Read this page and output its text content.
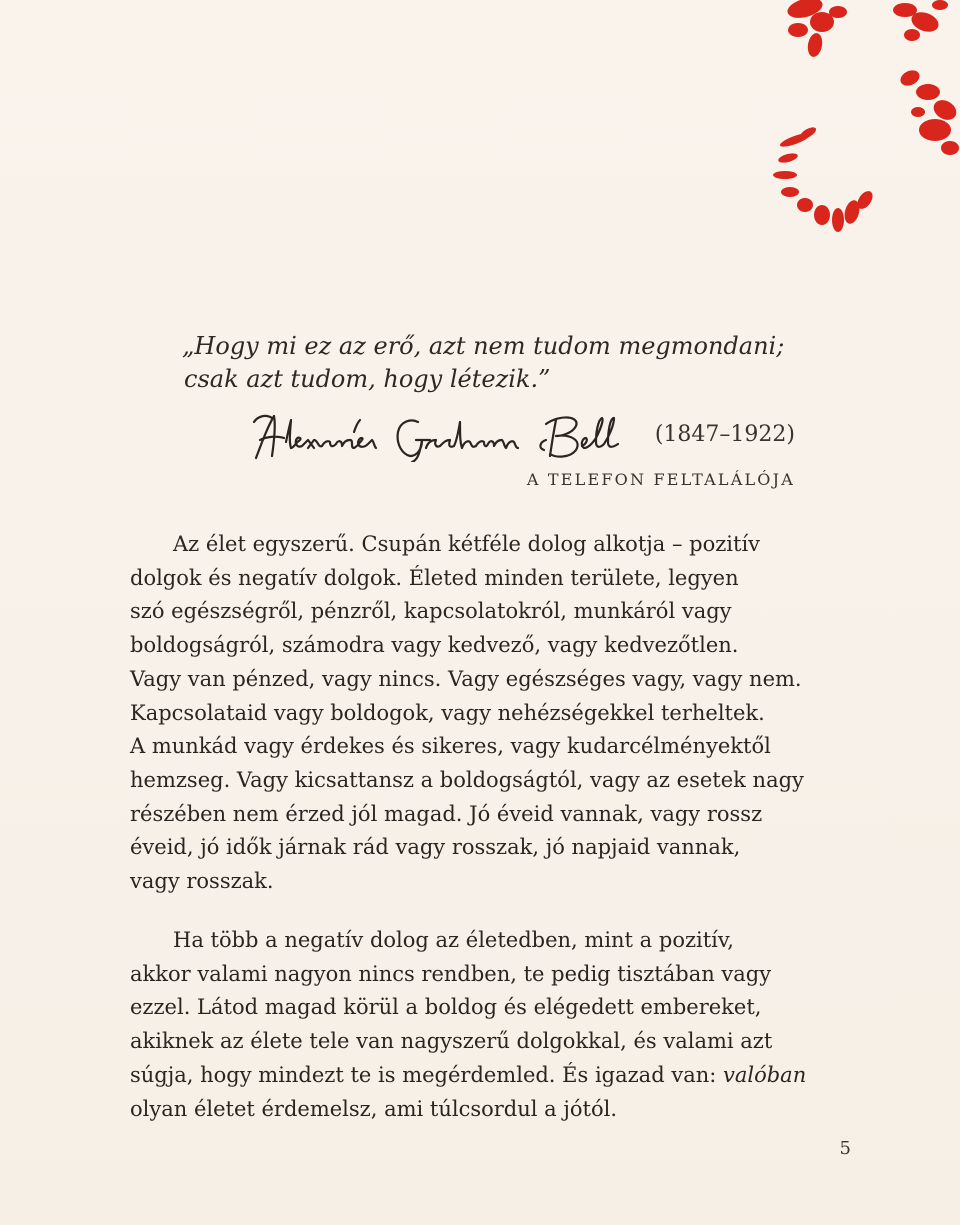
„Hogy mi ez az erő, azt nem tudom megmondani;
csak azt tudom, hogy létezik.”
(1847–1922)
A TELEFON FELTALÁLÓJA
Az élet egyszerű. Csupán kétféle dolog alkotja – pozitív
dolgok és negatív dolgok. Életed minden területe, legyen
szó egészségről, pénzről, kapcsolatokról, munkáról vagy
boldogságról, számodra vagy kedvező, vagy kedvezőtlen.
Vagy van pénzed, vagy nincs. Vagy egészséges vagy, vagy nem.
Kapcsolataid vagy boldogok, vagy nehézségekkel terheltek.
A munkád vagy érdekes és sikeres, vagy kudarcélményektől
hemzseg. Vagy kicsattansz a boldogságtól, vagy az esetek nagy
részében nem érzed jól magad. Jó éveid vannak, vagy rossz
éveid, jó idők járnak rád vagy rosszak, jó napjaid vannak,
vagy rosszak.
Ha több a negatív dolog az életedben, mint a pozitív,
akkor valami nagyon nincs rendben, te pedig tisztában vagy
ezzel. Látod magad körül a boldog és elégedett embereket,
akiknek az élete tele van nagyszerű dolgokkal, és valami azt
súgja, hogy mindezt te is megérdemled. És igazad van: valóban
olyan életet érdemelsz, ami túlcsordul a jótól.
5
